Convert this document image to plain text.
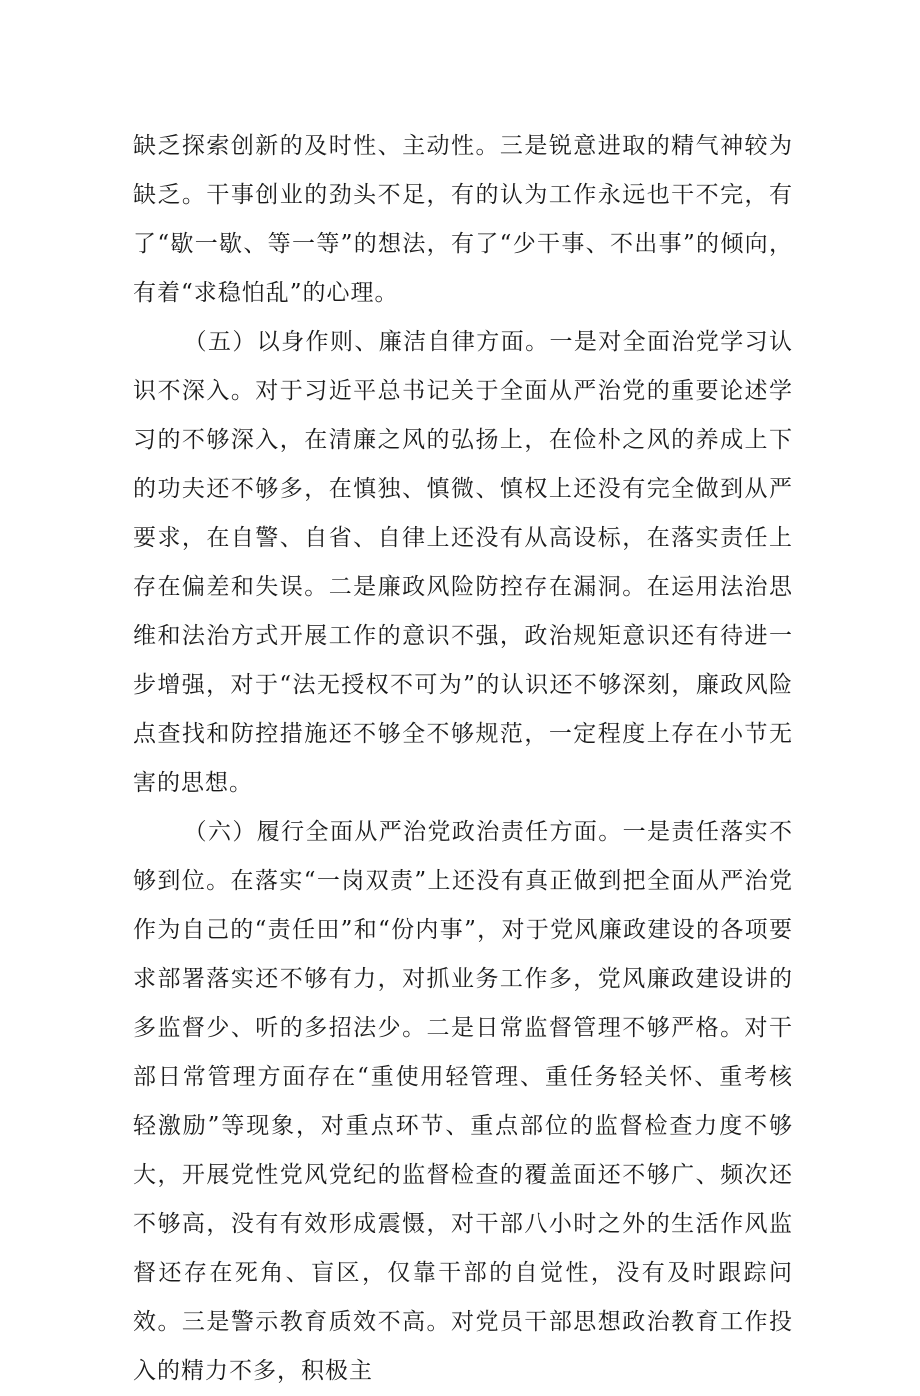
缺乏探索创新的及时性、主动性。三是锐意进取的精气神较为缺乏。干事创业的劲头不足，有的认为工作永远也干不完，有了“歇一歇、等一等”的想法，有了“少干事、不出事”的倾向，有着“求稳怕乱”的心理。

（五）以身作则、廉洁自律方面。一是对全面治党学习认识不深入。对于习近平总书记关于全面从严治党的重要论述学习的不够深入，在清廉之风的弘扬上，在俭朴之风的养成上下的功夫还不够多，在慎独、慎微、慎权上还没有完全做到从严要求，在自警、自省、自律上还没有从高设标，在落实责任上存在偏差和失误。二是廉政风险防控存在漏洞。在运用法治思维和法治方式开展工作的意识不强，政治规矩意识还有待进一步增强，对于“法无授权不可为”的认识还不够深刻，廉政风险点查找和防控措施还不够全不够规范，一定程度上存在小节无害的思想。

（六）履行全面从严治党政治责任方面。一是责任落实不够到位。在落实“一岗双责”上还没有真正做到把全面从严治党作为自己的“责任田”和“份内事”，对于党风廉政建设的各项要求部署落实还不够有力，对抓业务工作多，党风廉政建设讲的多监督少、听的多招法少。二是日常监督管理不够严格。对干部日常管理方面存在“重使用轻管理、重任务轻关怀、重考核轻激励”等现象，对重点环节、重点部位的监督检查力度不够大，开展党性党风党纪的监督检查的覆盖面还不够广、频次还不够高，没有有效形成震慑，对干部八小时之外的生活作风监督还存在死角、盲区，仅靠干部的自觉性，没有及时跟踪问效。三是警示教育质效不高。对党员干部思想政治教育工作投入的精力不多，积极主
